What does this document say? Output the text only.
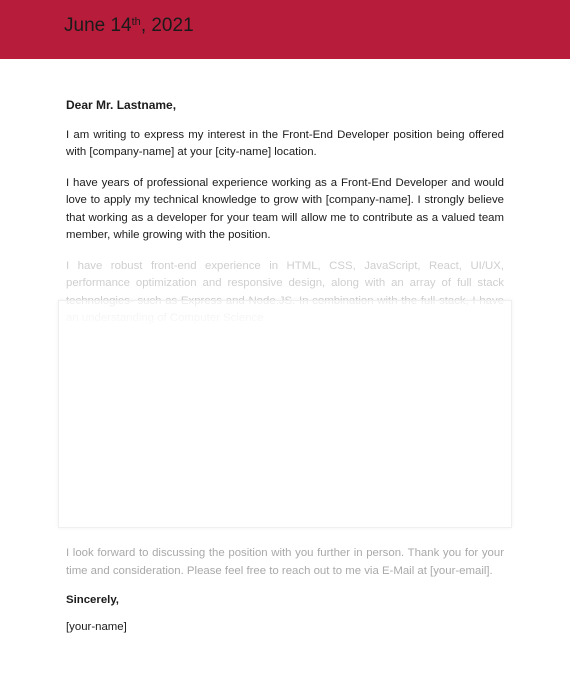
June 14th, 2021
Dear Mr. Lastname,

I am writing to express my interest in the Front-End Developer position being offered with [company-name] at your [city-name] location.

I have years of professional experience working as a Front-End Developer and would love to apply my technical knowledge to grow with [company-name]. I strongly believe that working as a developer for your team will allow me to contribute as a valued team member, while growing with the position.

I have robust front-end experience in HTML, CSS, JavaScript, React, UI/UX, performance optimization and responsive design, along with an array of full stack

I look forward to discussing the position with you further in person. Thank you for your time and consideration. Please feel free to reach out to me via E-Mail at [your-email].

Sincerely,
[your-name]
